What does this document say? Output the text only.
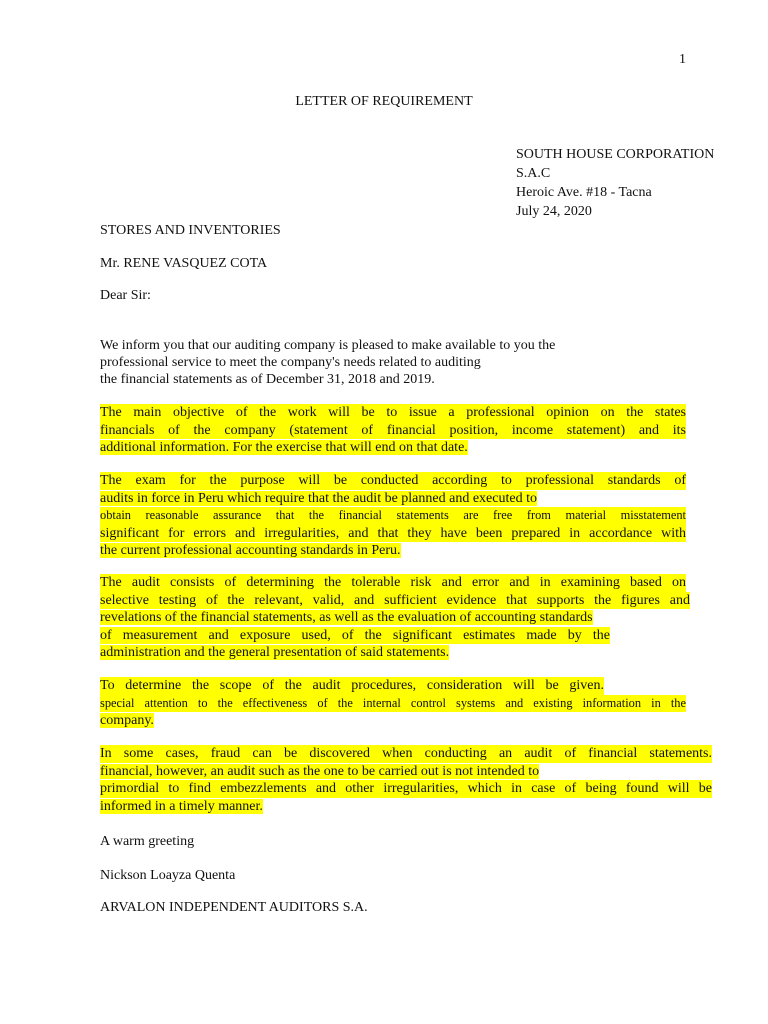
1
LETTER OF REQUIREMENT
SOUTH HOUSE CORPORATION
S.A.C
Heroic Ave. #18 - Tacna
July 24, 2020
STORES AND INVENTORIES
Mr. RENE VASQUEZ COTA
Dear Sir:
We inform you that our auditing company is pleased to make available to you the
professional service to meet the company's needs related to auditing
the financial statements as of December 31, 2018 and 2019.
The main objective of the work will be to issue a professional opinion on the states
financials of the company (statement of financial position, income statement) and its
additional information. For the exercise that will end on that date.
The exam for the purpose will be conducted according to professional standards of
audits in force in Peru which require that the audit be planned and executed to
obtain reasonable assurance that the financial statements are free from material misstatement
significant for errors and irregularities, and that they have been prepared in accordance with
the current professional accounting standards in Peru.
The audit consists of determining the tolerable risk and error and in examining based on
selective testing of the relevant, valid, and sufficient evidence that supports the figures and
revelations of the financial statements, as well as the evaluation of accounting standards
of measurement and exposure used, of the significant estimates made by the
administration and the general presentation of said statements.
To determine the scope of the audit procedures, consideration will be given.
special attention to the effectiveness of the internal control systems and existing information in the
company.
In some cases, fraud can be discovered when conducting an audit of financial statements.
financial, however, an audit such as the one to be carried out is not intended to
primordial to find embezzlements and other irregularities, which in case of being found will be
informed in a timely manner.
A warm greeting
Nickson Loayza Quenta
ARVALON INDEPENDENT AUDITORS S.A.
